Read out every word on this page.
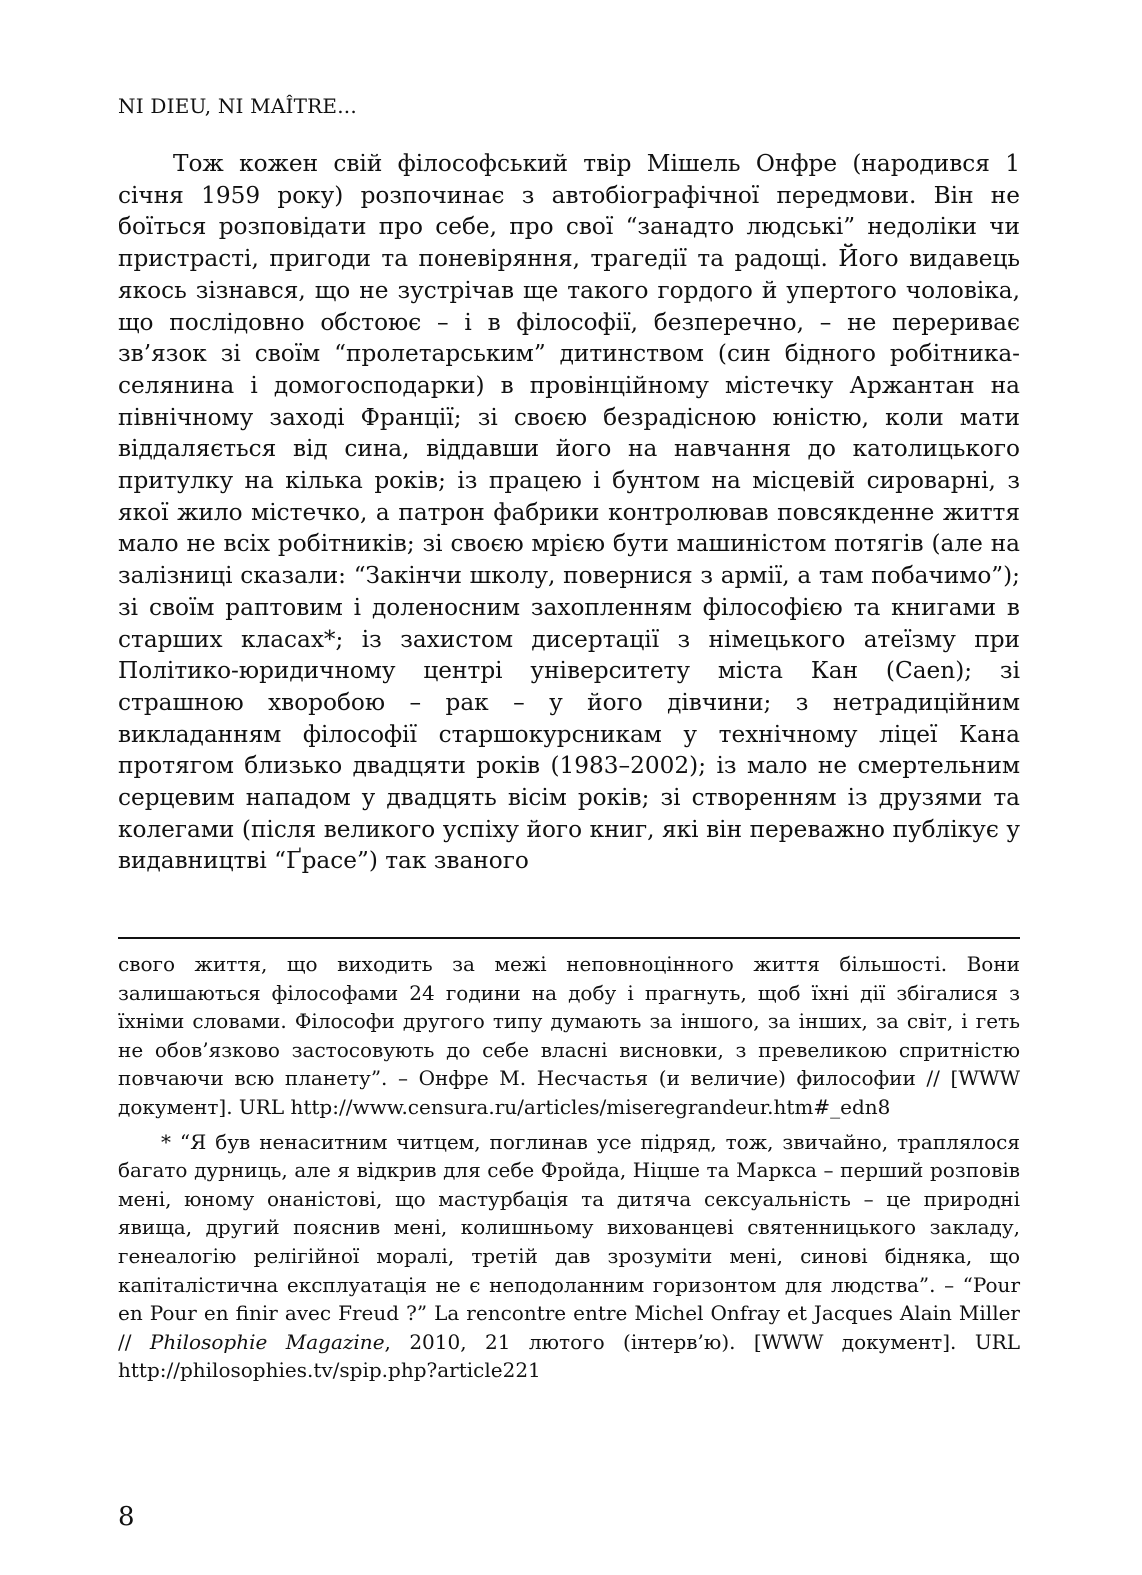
NI DIEU, NI MAÎTRE...

Тож кожен свій філософський твір Мішель Онфре (народився 1 січня 1959 року) розпочинає з автобіографічної передмови. Він не боїться розповідати про себе, про свої “занадто людські” недоліки чи пристрасті, пригоди та поневіряння, трагедії та радощі. Його видавець якось зізнався, що не зустрічав ще такого гордого й упертого чоловіка, що послідовно обстоює – і в філософії, безперечно, – не перериває зв’язок зі своїм “пролетарським” дитинством (син бідного робітника-селянина і домогосподарки) в провінційному містечку Аржантан на північному заході Франції; зі своєю безрадісною юністю, коли мати віддаляється від сина, віддавши його на навчання до католицького притулку на кілька років; із працею і бунтом на місцевій сироварні, з якої жило містечко, а патрон фабрики контролював повсякденне життя мало не всіх робітників; зі своєю мрією бути машиністом потягів (але на залізниці сказали: “Закінчи школу, повернися з армії, а там побачимо”); зі своїм раптовим і доленосним захопленням філософією та книгами в старших класах*; із захистом дисертації з німецького атеїзму при Політико-юридичному центрі університету міста Кан (Caen); зі страшною хворобою – рак – у його дівчини; з нетрадиційним викладанням філософії старшокурсникам у технічному ліцеї Кана протягом близько двадцяти років (1983–2002); із мало не смертельним серцевим нападом у двадцять вісім років; зі створенням із друзями та колегами (після великого успіху його книг, які він переважно публікує у видавництві “Ґрасе”) так званого

свого життя, що виходить за межі неповноцінного життя більшості. Вони залишаються філософами 24 години на добу і прагнуть, щоб їхні дії збігалися з їхніми словами. Філософи другого типу думають за іншого, за інших, за світ, і геть не обов’язково застосовують до себе власні висновки, з превеликою спритністю повчаючи всю планету”. – Онфре М. Несчастья (и величие) философии // [WWW документ]. URL http://www.censura.ru/articles/miseregrandeur.htm#_edn8

* “Я був ненаситним читцем, поглинав усе підряд, тож, звичайно, траплялося багато дурниць, але я відкрив для себе Фройда, Ніцше та Маркса – перший розповів мені, юному онаністові, що мастурбація та дитяча сексуальність – це природні явища, другий пояснив мені, колишньому вихованцеві святенницького закладу, генеалогію релігійної моралі, третій дав зрозуміти мені, синові бідняка, що капіталістична експлуатація не є неподоланним горизонтом для людства”. – “Pour en Pour en finir avec Freud ?” La rencontre entre Michel Onfray et Jacques Alain Miller // Philosophie Magazine, 2010, 21 лютого (інтерв’ю). [WWW документ]. URL http://philosophies.tv/spip.php?article221

8
